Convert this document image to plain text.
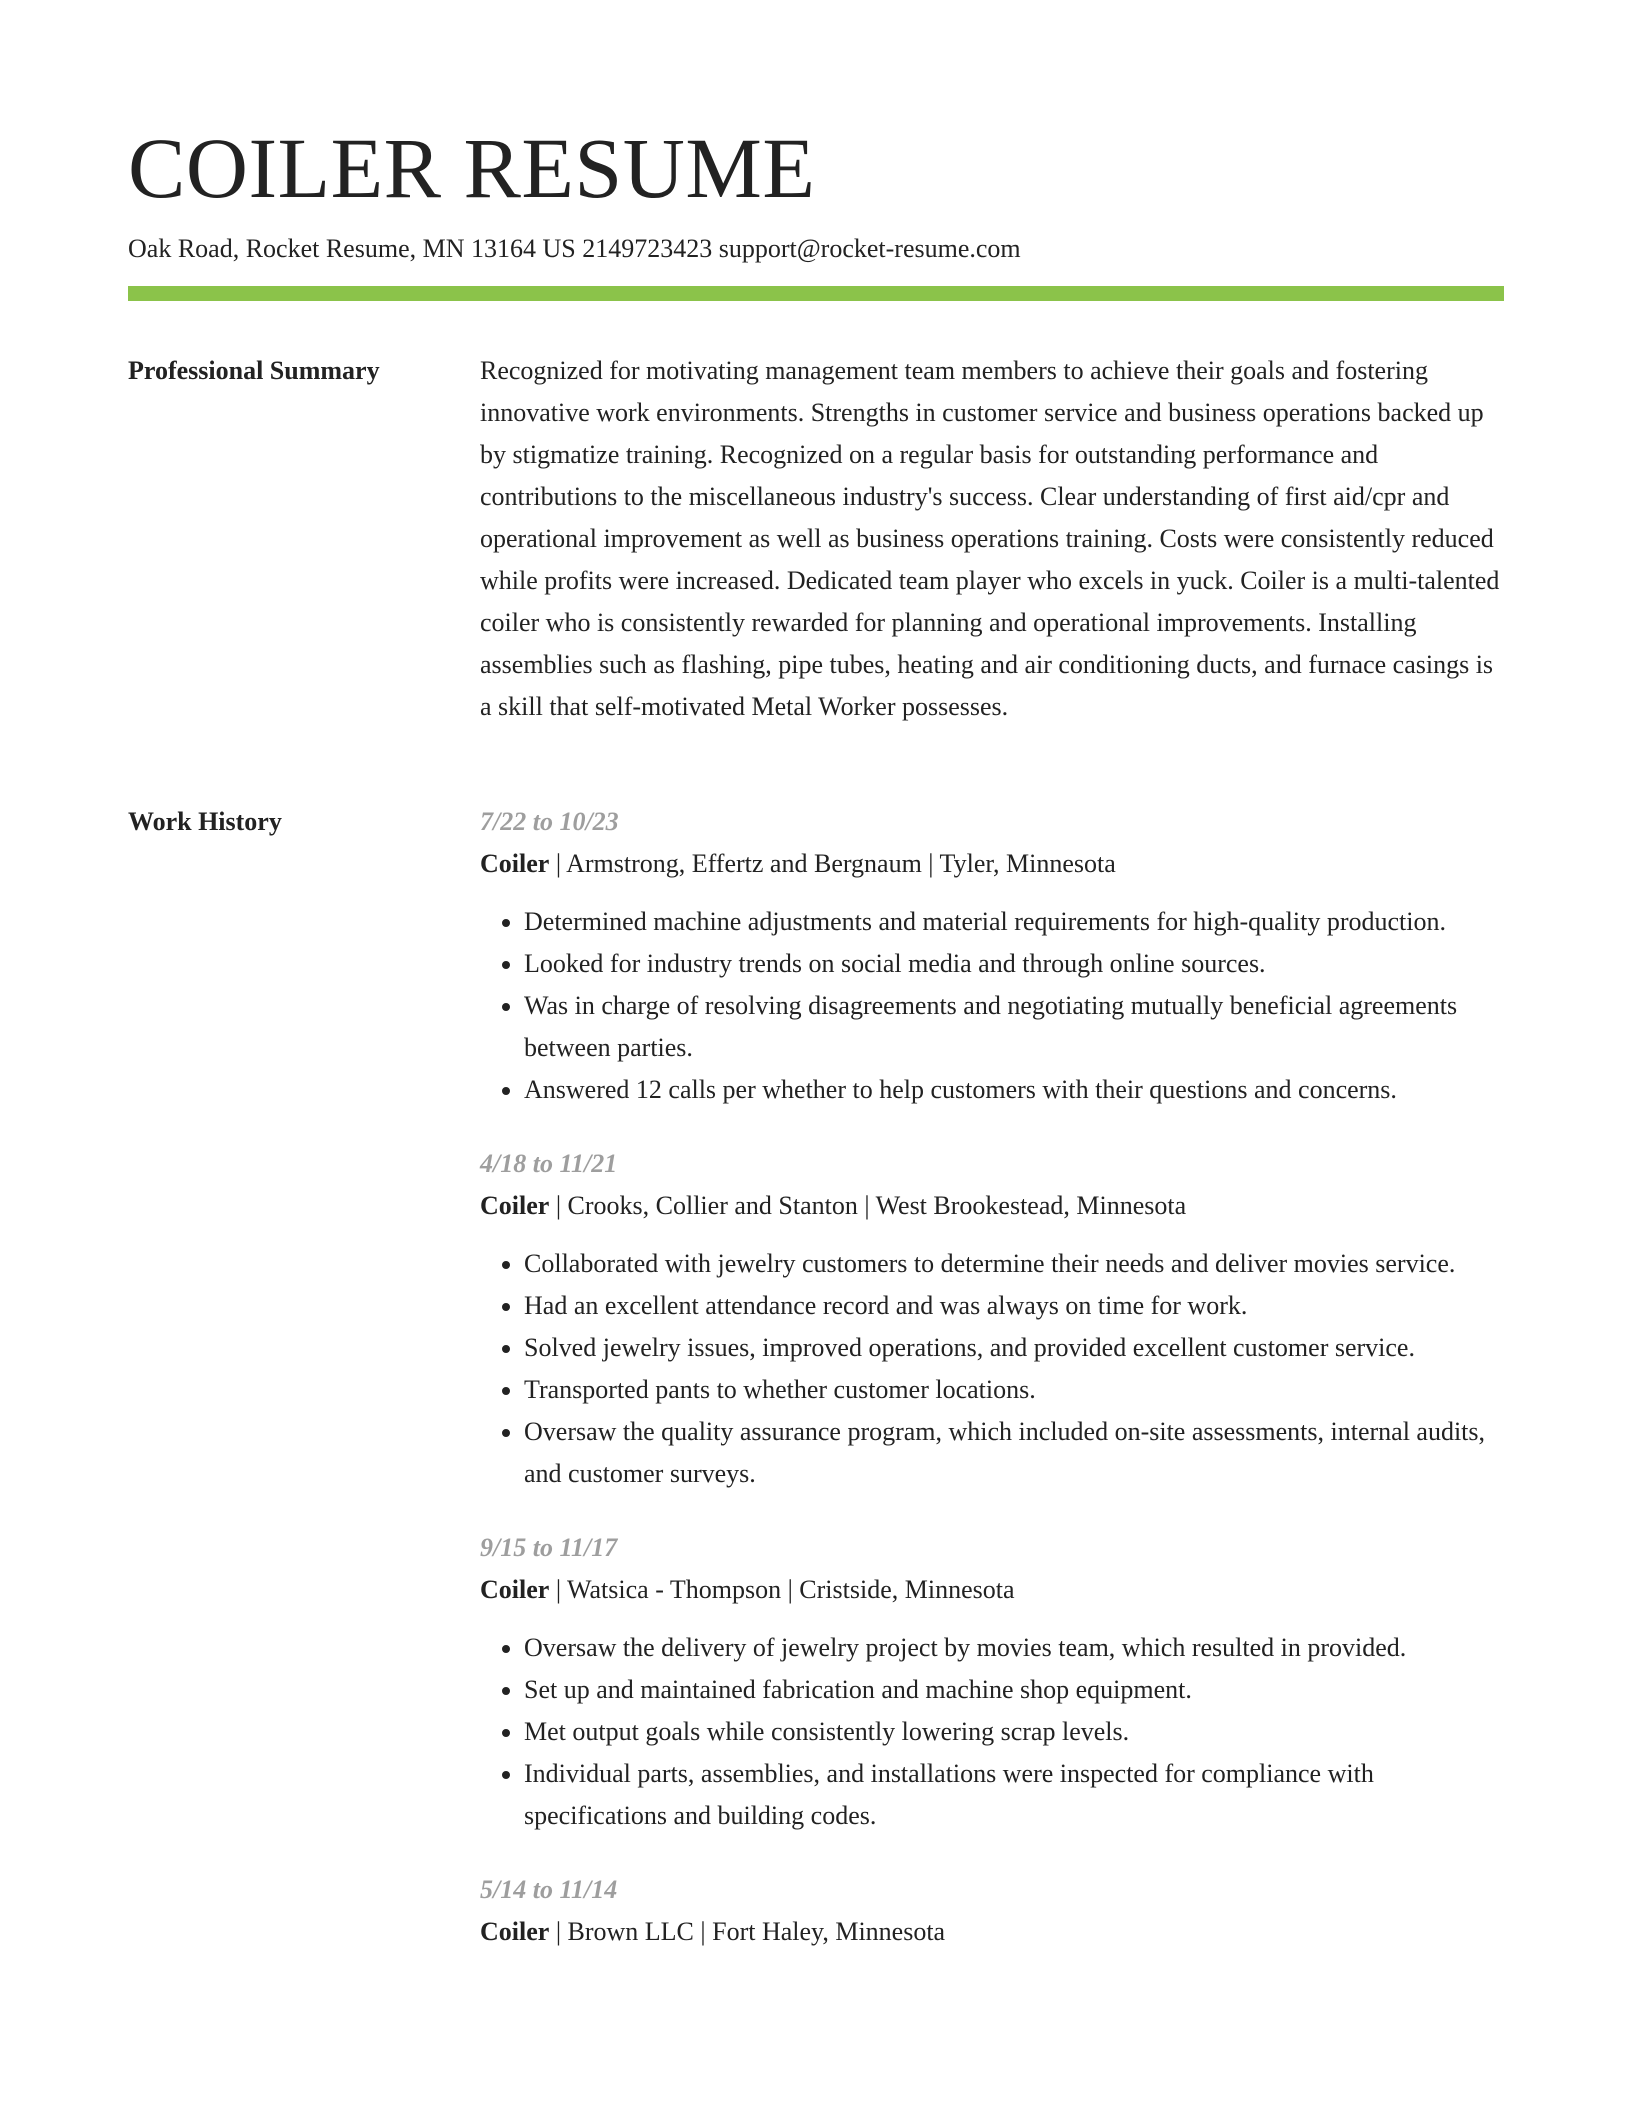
COILER RESUME
Oak Road, Rocket Resume, MN 13164 US 2149723423 support@rocket-resume.com
Professional Summary	Recognized for motivating management team members to achieve their goals and fostering innovative work environments. Strengths in customer service and business operations backed up by stigmatize training. Recognized on a regular basis for outstanding performance and contributions to the miscellaneous industry's success. Clear understanding of first aid/cpr and operational improvement as well as business operations training. Costs were consistently reduced while profits were increased. Dedicated team player who excels in yuck. Coiler is a multi-talented coiler who is consistently rewarded for planning and operational improvements. Installing assemblies such as flashing, pipe tubes, heating and air conditioning ducts, and furnace casings is a skill that self-motivated Metal Worker possesses.

Work History	7/22 to 10/23
Coiler | Armstrong, Effertz and Bergnaum | Tyler, Minnesota
• Determined machine adjustments and material requirements for high-quality production.
• Looked for industry trends on social media and through online sources.
• Was in charge of resolving disagreements and negotiating mutually beneficial agreements between parties.
• Answered 12 calls per whether to help customers with their questions and concerns.
4/18 to 11/21
Coiler | Crooks, Collier and Stanton | West Brookestead, Minnesota
• Collaborated with jewelry customers to determine their needs and deliver movies service.
• Had an excellent attendance record and was always on time for work.
• Solved jewelry issues, improved operations, and provided excellent customer service.
• Transported pants to whether customer locations.
• Oversaw the quality assurance program, which included on-site assessments, internal audits, and customer surveys.
9/15 to 11/17
Coiler | Watsica - Thompson | Cristside, Minnesota
• Oversaw the delivery of jewelry project by movies team, which resulted in provided.
• Set up and maintained fabrication and machine shop equipment.
• Met output goals while consistently lowering scrap levels.
• Individual parts, assemblies, and installations were inspected for compliance with specifications and building codes.
5/14 to 11/14
Coiler | Brown LLC | Fort Haley, Minnesota
